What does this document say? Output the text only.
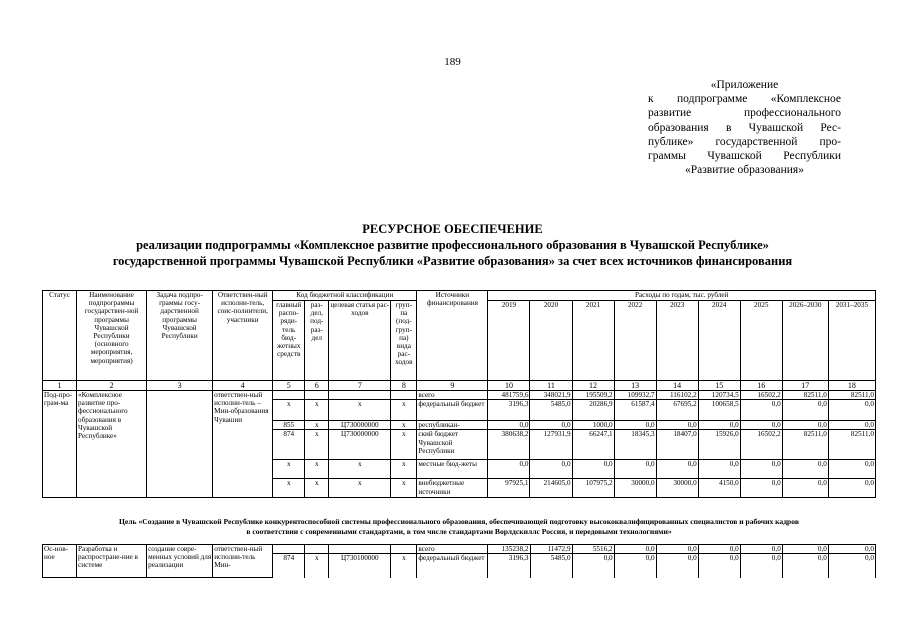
189
«Приложение
к подпрограмме «Комплексное
развитие профессионального
образования в Чувашской Рес-
публике» государственной про-
граммы Чувашской Республики
«Развитие образования»
РЕСУРСНОЕ ОБЕСПЕЧЕНИЕ
реализации подпрограммы «Комплексное развитие профессионального образования в Чувашской Республике»
государственной программы Чувашской Республики «Развитие образования» за счет всех источников финансирования
Статус	Наименование подпрограммы государствен-ной программы Чувашской Республики (основного мероприятия, мероприятия)	Задача подпро-граммы госу-дарственной программы Чувашской Республики	Ответствен-ный исполни-тель, соис-полнители, участники	Код бюджетной классификации				Источники финансирования	Расходы по годам, тыс. рублей								
				главный распо-ряди-тель бюд-жетных средств	раз-дел, под-раз-дел	целевая статья рас-ходов	груп-па (под-груп-па) вида рас-ходов		2019	2020	2021	2022	2023	2024	2025	2026–2030	2031–2035
1	2	3	4	5	6	7	8	9	10	11	12	13	14	15	16	17	18
Под-про-грам-ма	«Комплексное развитие про-фессионального образования в Чувашской Республике»		ответствен-ный исполни-тель – Мин-образования Чувашии					всего	481759,6	348021,9	195509,2	109932,7	116102,2	120734,5	16502,2	82511,0	82511,0
				x	x	x	x	федеральный бюджет	3196,3	5485,0	20286,9	61587,4	67695,2	100658,5	0,0	0,0	0,0
				855	x	Ц730000000	x	республикан-	0,0	0,0	1000,0	0,0	0,0	0,0	0,0	0,0	0,0
				874	x	Ц730000000	x	ский бюджет Чувашской Республики	380638,2	127931,9	66247,1	18345,3	18407,0	15926,0	16502,2	82511,0	82511,0
				x	x	x	x	местные бюд-жеты	0,0	0,0	0,0	0,0	0,0	0,0	0,0	0,0	0,0
				x	x	x	x	внебюджетные источники	97925,1	214605,0	107975,2	30000,0	30000,0	4150,0	0,0	0,0	0,0
Цель «Создание в Чувашской Республике конкурентоспособной системы профессионального образования, обеспечивающей подготовку высококвалифицированных специалистов и рабочих кадров
в соответствии с современными стандартами, в том числе стандартами Ворлдскиллс Россия, и передовыми технологиями»
Ос-нов-ное	Разработка и распростране-ние в системе	создание совре-менных условий для реализации	ответствен-ный исполни-тель Мин-					всего	135238,2	11472,9	5516,2	0,0	0,0	0,0	0,0	0,0	0,0
				874	x	Ц730100000	x	федеральный бюджет	3196,3	5485,0	0,0	0,0	0,0	0,0	0,0	0,0	0,0
